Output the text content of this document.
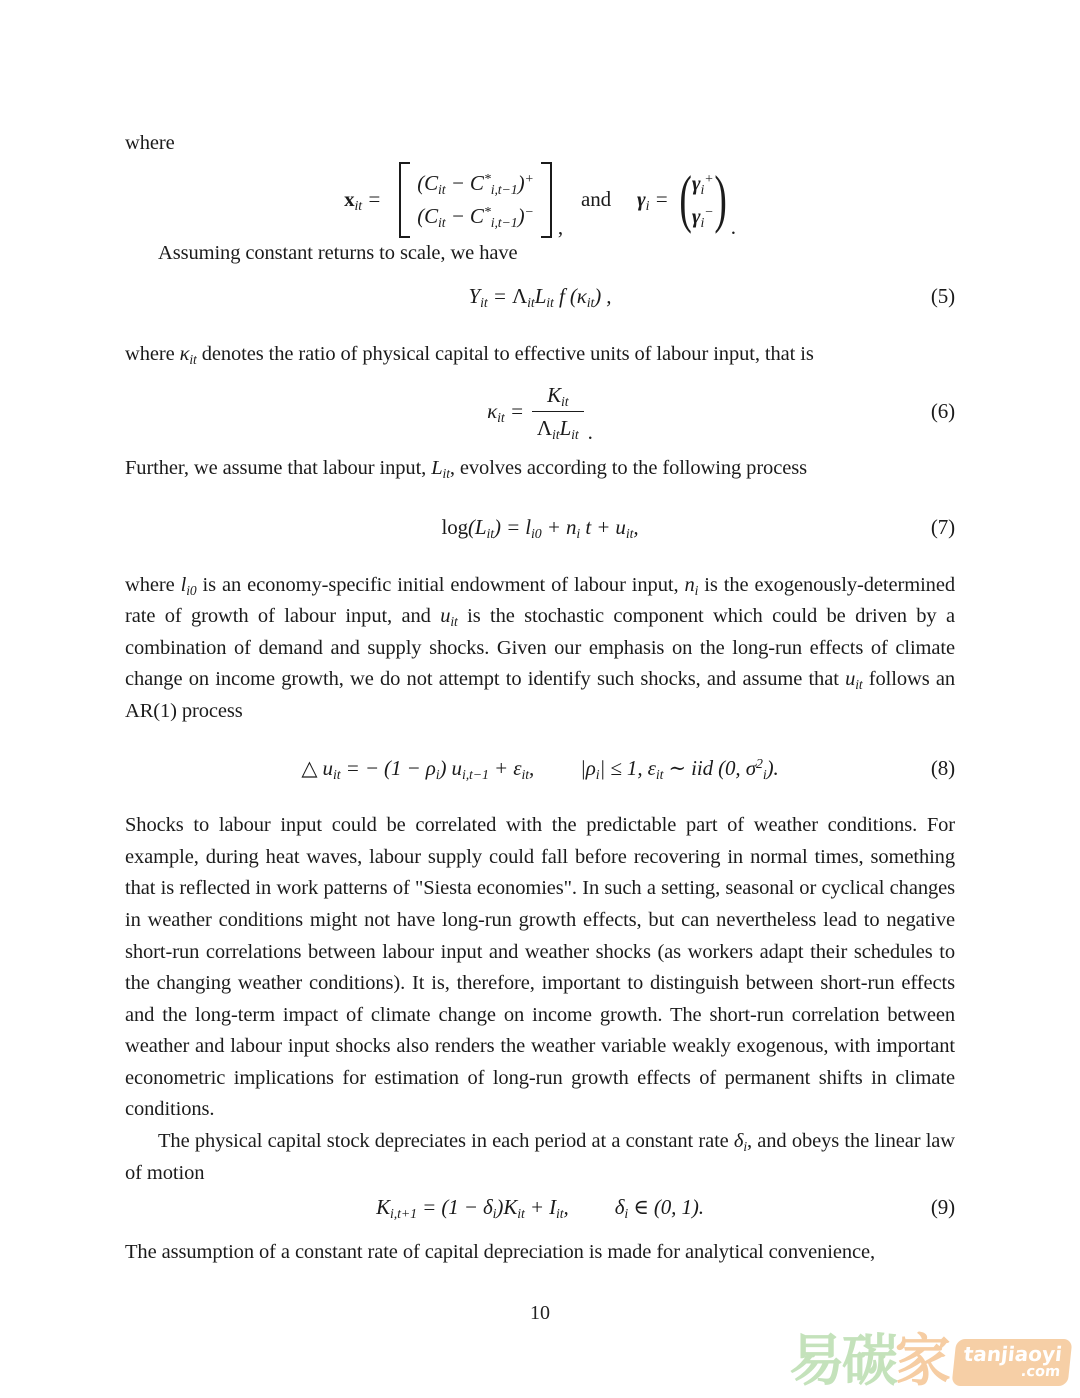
where

$x_{it}$ =
$(C_{it} - C^*_{i,t-1})^+$
$(C_{it} - C^*_{i,t-1})^-$
,
and $\gamma_i$ = ( $\gamma_i^+$
$\gamma_i^-$ ) .

Assuming constant returns to scale, we have

$Y_{it} = \Lambda_{it}L_{it}$ f $(\kappa_{it})$ ,	(5)

where $\kappa_{it}$ denotes the ratio of physical capital to effective units of labour input, that is

$\kappa_{it} = \frac{K_{it}}{\Lambda_{it}L_{it}}$ .
(6)

Further, we assume that labour input, $L_{it}$, evolves according to the following process

$\log(L_{it}) = l_{i0} + n_i$ $t + u_{it}$,	(7)

where $l_{i0}$ is an economy-specific initial endowment of labour input, $n_i$ is the exogenously-determined rate of growth of labour input, and $u_{it}$ is the stochastic component which could be driven by a combination of demand and supply shocks. Given our emphasis on the long-run effects of climate change on income growth, we do not attempt to identify such shocks, and assume that $u_{it}$ follows an AR(1) process

△ $u_{it}$ = − $(1 - \rho_i)$ $u_{i,t-1} + \varepsilon_{it}$, $|\rho_i| \le 1$, $\varepsilon_{it}$ ∼ iid (0, $\sigma^2_i$).	(8)

Shocks to labour input could be correlated with the predictable part of weather conditions. For example, during heat waves, labour supply could fall before recovering in normal times, something that is reflected in work patterns of "Siesta economies". In such a setting, seasonal or cyclical changes in weather conditions might not have long-run growth effects, but can nevertheless lead to negative short-run correlations between labour input and weather shocks (as workers adapt their schedules to the changing weather conditions). It is, therefore, important to distinguish between short-run effects and the long-term impact of climate change on income growth. The short-run correlation between weather and labour input shocks also renders the weather variable weakly exogenous, with important econometric implications for estimation of long-run growth effects of permanent shifts in climate conditions.

The physical capital stock depreciates in each period at a constant rate $\delta_i$, and obeys the linear law of motion

$K_{i,t+1} = (1 - \delta_i)K_{it} + I_{it}$, $\delta_i$ ∈ (0, 1).	(9)

The assumption of a constant rate of capital depreciation is made for analytical convenience,

10
易碳 家 tanjiaoyi
.com
